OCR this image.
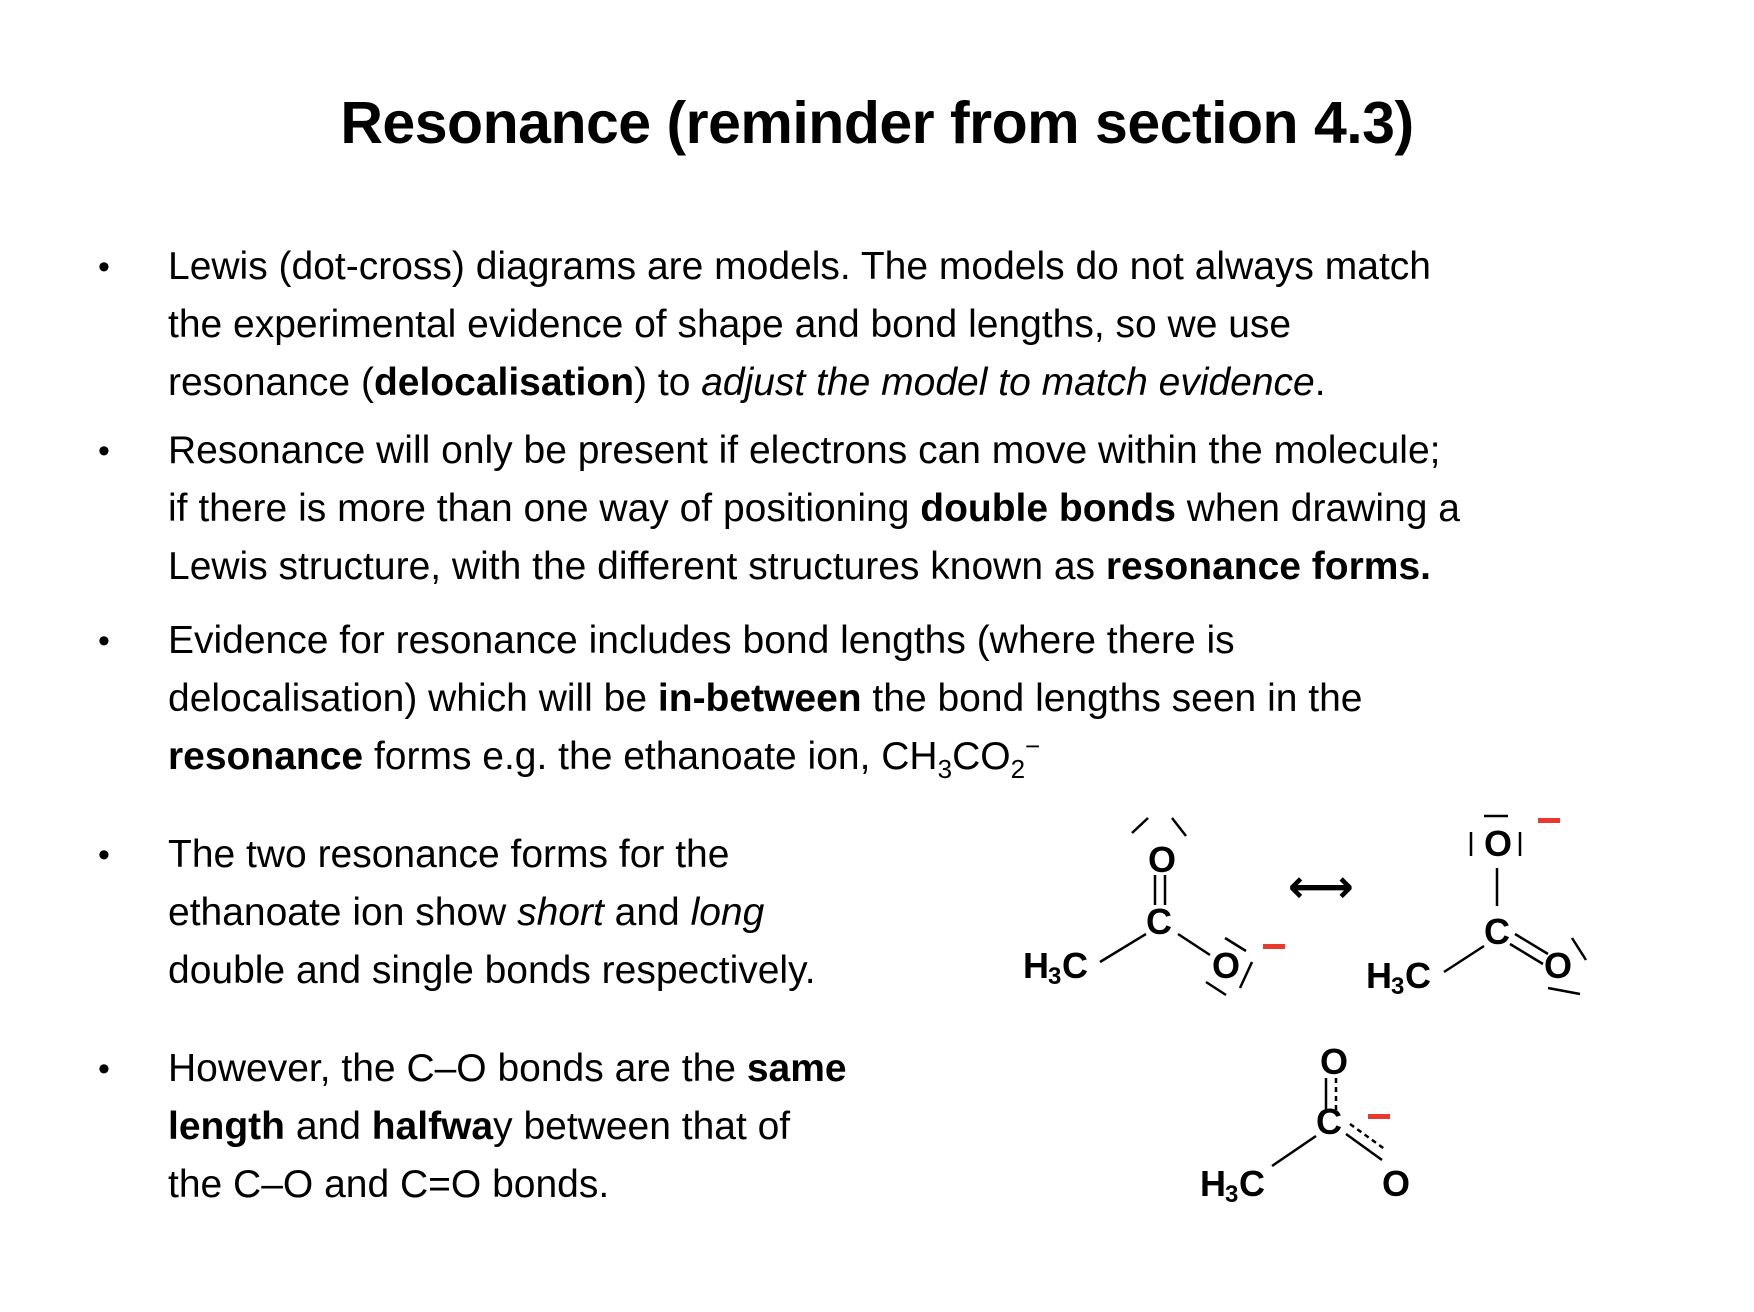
Resonance (reminder from section 4.3)
•	Lewis (dot-cross) diagrams are models. The models do not always match
the experimental evidence of shape and bond lengths, so we use
resonance (delocalisation) to adjust the model to match evidence.
•	Resonance will only be present if electrons can move within the molecule;
if there is more than one way of positioning double bonds when drawing a
Lewis structure, with the different structures known as resonance forms.
•	Evidence for resonance includes bond lengths (where there is
delocalisation) which will be in-between the bond lengths seen in the
resonance forms e.g. the ethanoate ion, $CH_3CO_2^-$
•	The two resonance forms for the
ethanoate ion show short and long
double and single bonds respectively.
•	However, the C–O bonds are the same
length and halfway between that of
the C–O and C=O bonds.
O
C
H 3 C	O
⟷
O
C
H 3 C	O
O
C
H 3 C	O
